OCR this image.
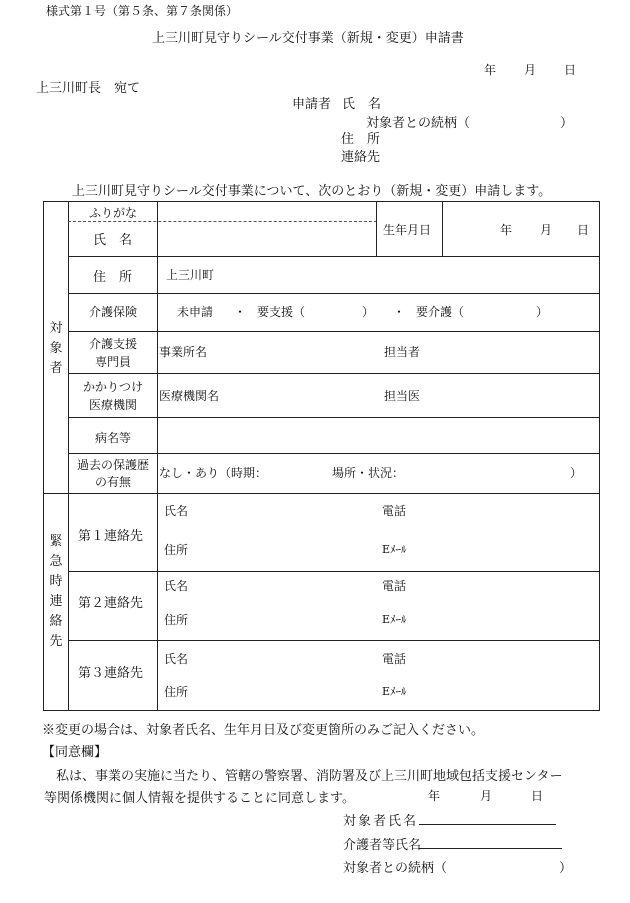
様式第１号（第５条、第７条関係）
上三川町見守りシール交付事業（新規・変更）申請書
年 月 日
上三川町長　宛て
申請者 氏　名
対象者との続柄（	）
住　所
連絡先
上三川町見守りシール交付事業について、次のとおり（新規・変更）申請します。
対
象
者
緊
急
時
連
絡
先
ふりがな
氏　名
生年月日	年 月 日
住　所	上三川町
介護保険	未申請 ・ 要支援（	） ・ 要介護（	）
介護支援
専門員
事業所名	担当者
かかりつけ
医療機関
医療機関名	担当医
病名等
過去の保護歴
の有無
なし・あり（時期：	場所・状況：	）
第１連絡先
氏名	電話
住所	Eﾒｰﾙ
第２連絡先
氏名	電話
住所	Eﾒｰﾙ
第３連絡先
氏名	電話
住所	Eﾒｰﾙ
※変更の場合は、対象者氏名、生年月日及び変更箇所のみご記入ください。
【同意欄】
私は、事業の実施に当たり、管轄の警察署、消防署及び上三川町地域包括支援センター
等関係機関に個人情報を提供することに同意します。	年	月	日
対象者氏名
介護者等氏名
対象者との続柄（	）
